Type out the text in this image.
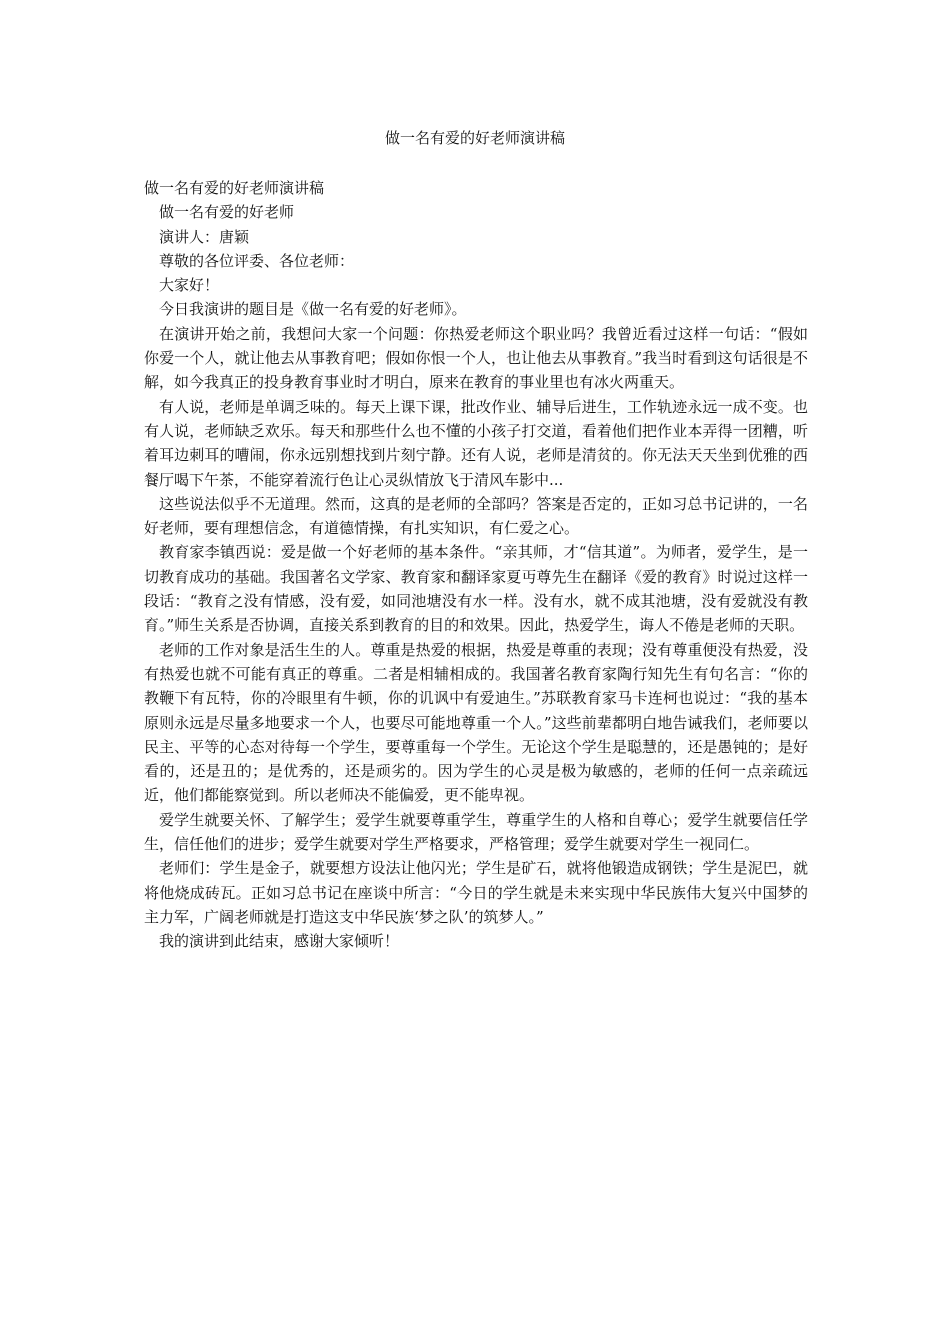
做一名有爱的好老师演讲稿

做一名有爱的好老师演讲稿

做一名有爱的好老师

演讲人：唐颖

尊敬的各位评委、各位老师：

大家好！

今日我演讲的题目是《做一名有爱的好老师》。

在演讲开始之前，我想问大家一个问题：你热爱老师这个职业吗？我曾近看过这样一句话：“假如你爱一个人，就让他去从事教育吧；假如你恨一个人，也让他去从事教育。”我当时看到这句话很是不解，如今我真正的投身教育事业时才明白，原来在教育的事业里也有冰火两重天。

有人说，老师是单调乏味的。每天上课下课，批改作业、辅导后进生，工作轨迹永远一成不变。也有人说，老师缺乏欢乐。每天和那些什么也不懂的小孩子打交道，看着他们把作业本弄得一团糟，听着耳边刺耳的嘈闹，你永远别想找到片刻宁静。还有人说，老师是清贫的。你无法天天坐到优雅的西餐厅喝下午茶，不能穿着流行色让心灵纵情放飞于清风车影中...

这些说法似乎不无道理。然而，这真的是老师的全部吗？答案是否定的，正如习总书记讲的，一名好老师，要有理想信念，有道德情操，有扎实知识，有仁爱之心。

教育家李镇西说：爱是做一个好老师的基本条件。“亲其师，才“信其道”。为师者，爱学生，是一切教育成功的基础。我国著名文学家、教育家和翻译家夏丏尊先生在翻译《爱的教育》时说过这样一段话：“教育之没有情感，没有爱，如同池塘没有水一样。没有水，就不成其池塘，没有爱就没有教育。”师生关系是否协调，直接关系到教育的目的和效果。因此，热爱学生，诲人不倦是老师的天职。

老师的工作对象是活生生的人。尊重是热爱的根据，热爱是尊重的表现；没有尊重便没有热爱，没有热爱也就不可能有真正的尊重。二者是相辅相成的。我国著名教育家陶行知先生有句名言：“你的教鞭下有瓦特，你的冷眼里有牛顿，你的讥讽中有爱迪生。”苏联教育家马卡连柯也说过：“我的基本原则永远是尽量多地要求一个人，也要尽可能地尊重一个人。”这些前辈都明白地告诫我们，老师要以民主、平等的心态对待每一个学生，要尊重每一个学生。无论这个学生是聪慧的，还是愚钝的；是好看的，还是丑的；是优秀的，还是顽劣的。因为学生的心灵是极为敏感的，老师的任何一点亲疏远近，他们都能察觉到。所以老师决不能偏爱，更不能卑视。

爱学生就要关怀、了解学生；爱学生就要尊重学生，尊重学生的人格和自尊心；爱学生就要信任学生，信任他们的进步；爱学生就要对学生严格要求，严格管理；爱学生就要对学生一视同仁。

老师们：学生是金子，就要想方设法让他闪光；学生是矿石，就将他锻造成钢铁；学生是泥巴，就将他烧成砖瓦。正如习总书记在座谈中所言：“今日的学生就是未来实现中华民族伟大复兴中国梦的主力军，广阔老师就是打造这支中华民族‘梦之队’的筑梦人。”

我的演讲到此结束，感谢大家倾听！
